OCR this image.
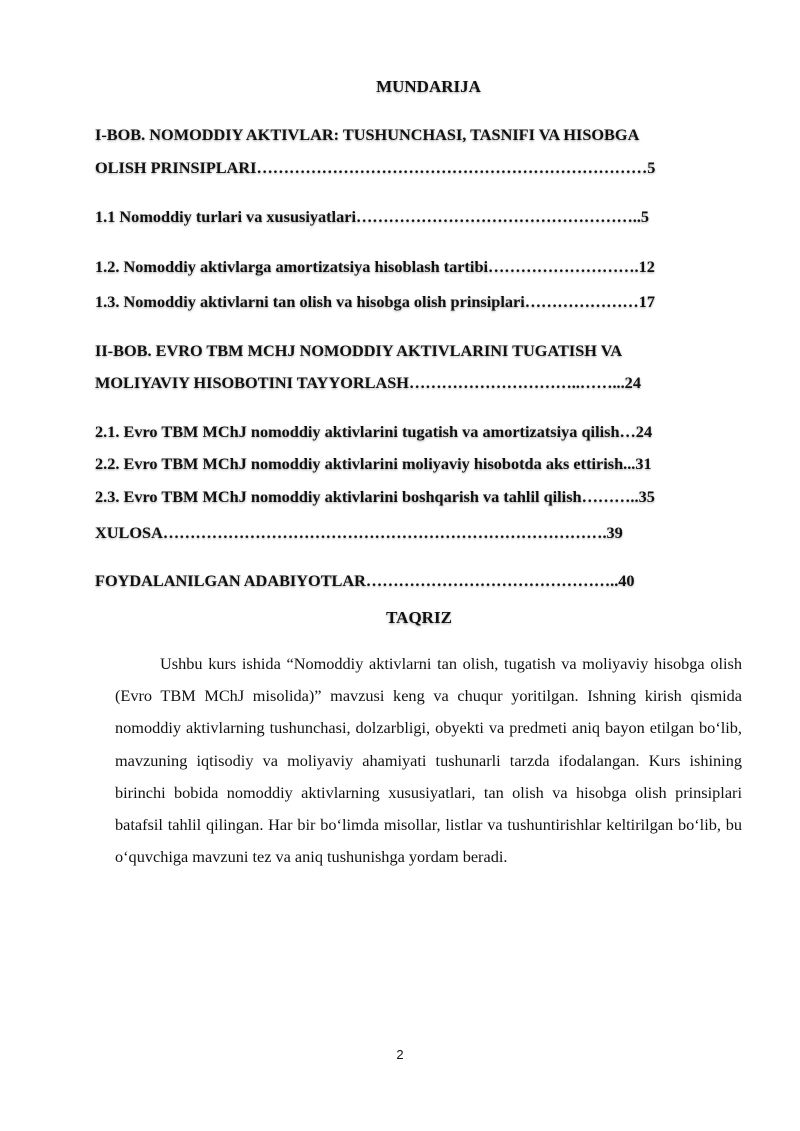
MUNDARIJA
I-BOB. NOMODDIY AKTIVLAR: TUSHUNCHASI, TASNIFI VA HISOBGA
OLISH PRINSIPLARI………………………………………………………………5
1.1 Nomoddiy turlari va xususiyatlari……………………………………………..5
1.2. Nomoddiy aktivlarga amortizatsiya hisoblash tartibi……………………….12
1.3. Nomoddiy aktivlarni tan olish va hisobga olish prinsiplari…………………17
II-BOB. EVRO TBM MCHJ NOMODDIY AKTIVLARINI TUGATISH VA
MOLIYAVIY HISOBOTINI TAYYORLASH…………………………..……...24
2.1. Evro TBM MChJ nomoddiy aktivlarini tugatish va amortizatsiya qilish…24
2.2. Evro TBM MChJ nomoddiy aktivlarini moliyaviy hisobotda aks ettirish...31
2.3. Evro TBM MChJ nomoddiy aktivlarini boshqarish va tahlil qilish………..35
XULOSA……………………………………………………………………….39
FOYDALANILGAN ADABIYOTLAR………………………………………..40
TAQRIZ
Ushbu kurs ishida “Nomoddiy aktivlarni tan olish, tugatish va moliyaviy hisobga olish (Evro TBM MChJ misolida)” mavzusi keng va chuqur yoritilgan. Ishning kirish qismida nomoddiy aktivlarning tushunchasi, dolzarbligi, obyekti va predmeti aniq bayon etilgan bo‘lib, mavzuning iqtisodiy va moliyaviy ahamiyati tushunarli tarzda ifodalangan. Kurs ishining birinchi bobida nomoddiy aktivlarning xususiyatlari, tan olish va hisobga olish prinsiplari batafsil tahlil qilingan. Har bir bo‘limda misollar, listlar va tushuntirishlar keltirilgan bo‘lib, bu o‘quvchiga mavzuni tez va aniq tushunishga yordam beradi.
2
